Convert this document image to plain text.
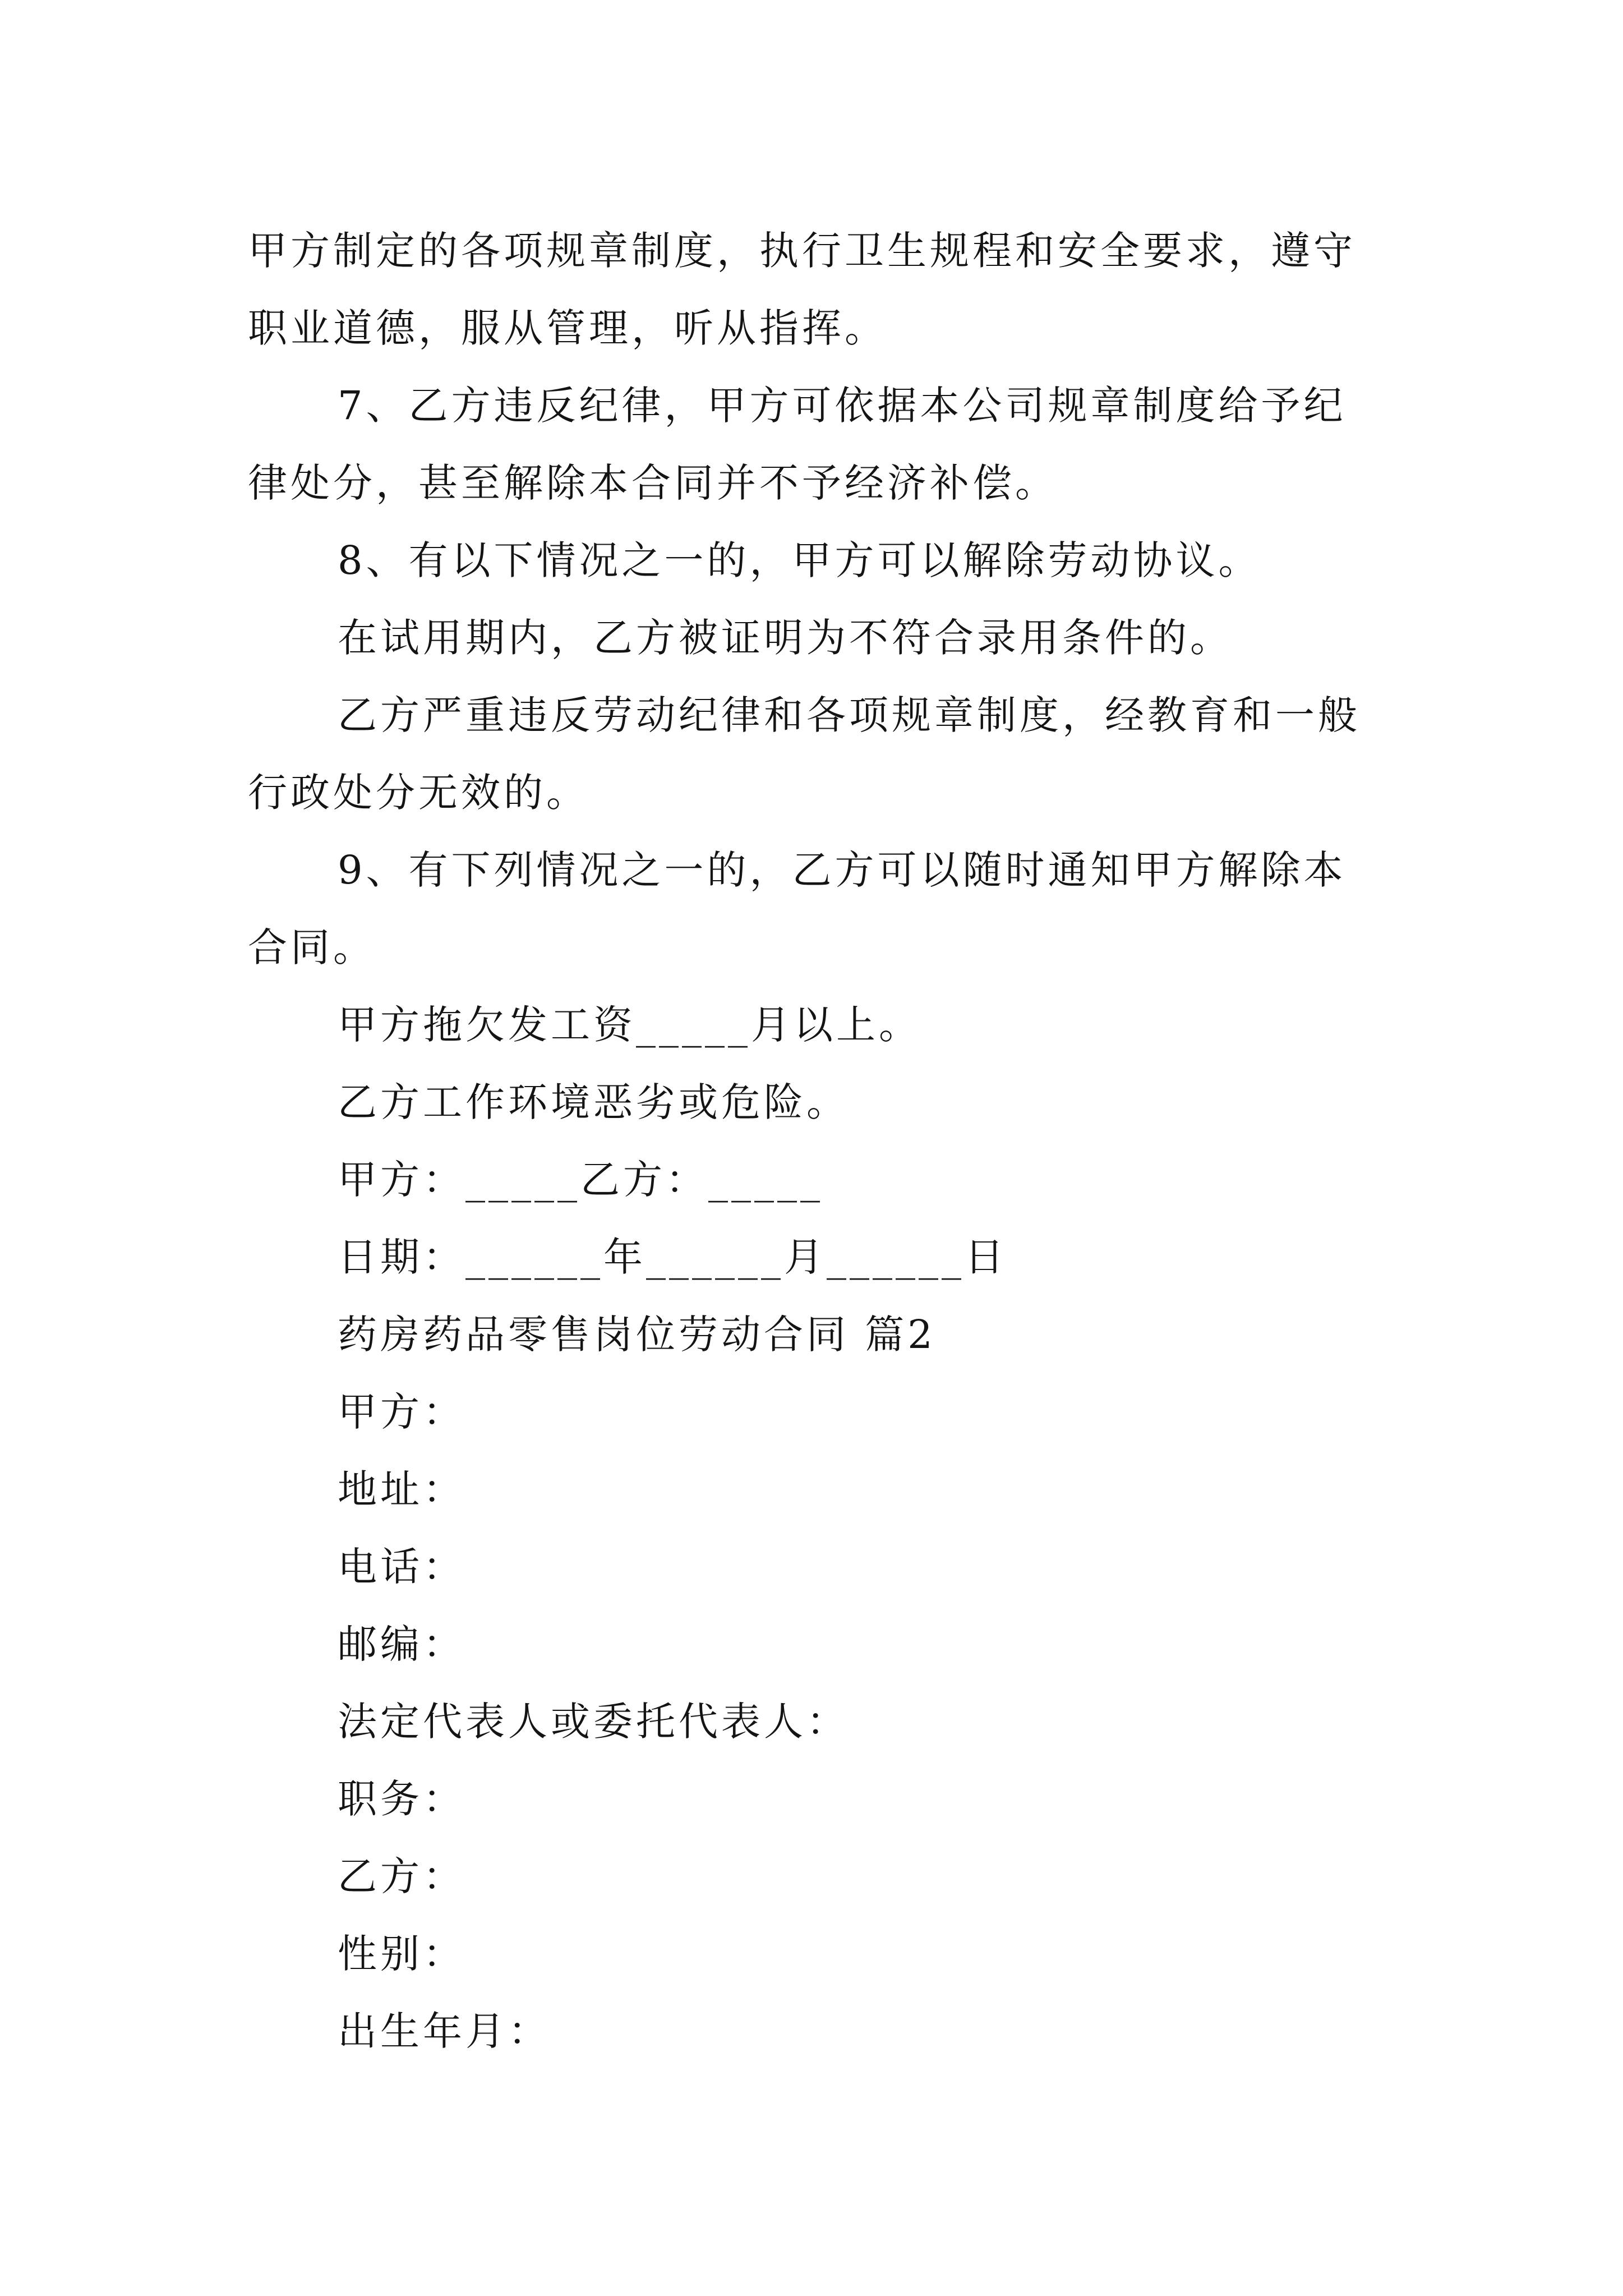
甲方制定的各项规章制度，执行卫生规程和安全要求，遵守
职业道德，服从管理，听从指挥。

7、乙方违反纪律，甲方可依据本公司规章制度给予纪
律处分，甚至解除本合同并不予经济补偿。

8、有以下情况之一的，甲方可以解除劳动协议。

在试用期内，乙方被证明为不符合录用条件的。

乙方严重违反劳动纪律和各项规章制度，经教育和一般
行政处分无效的。

9、有下列情况之一的，乙方可以随时通知甲方解除本
合同。

甲方拖欠发工资_____月以上。

乙方工作环境恶劣或危险。

甲方：_____乙方：_____

日期：______年______月______日

药房药品零售岗位劳动合同 篇2

甲方：

地址：

电话：

邮编：

法定代表人或委托代表人：

职务：

乙方：

性别：

出生年月：
